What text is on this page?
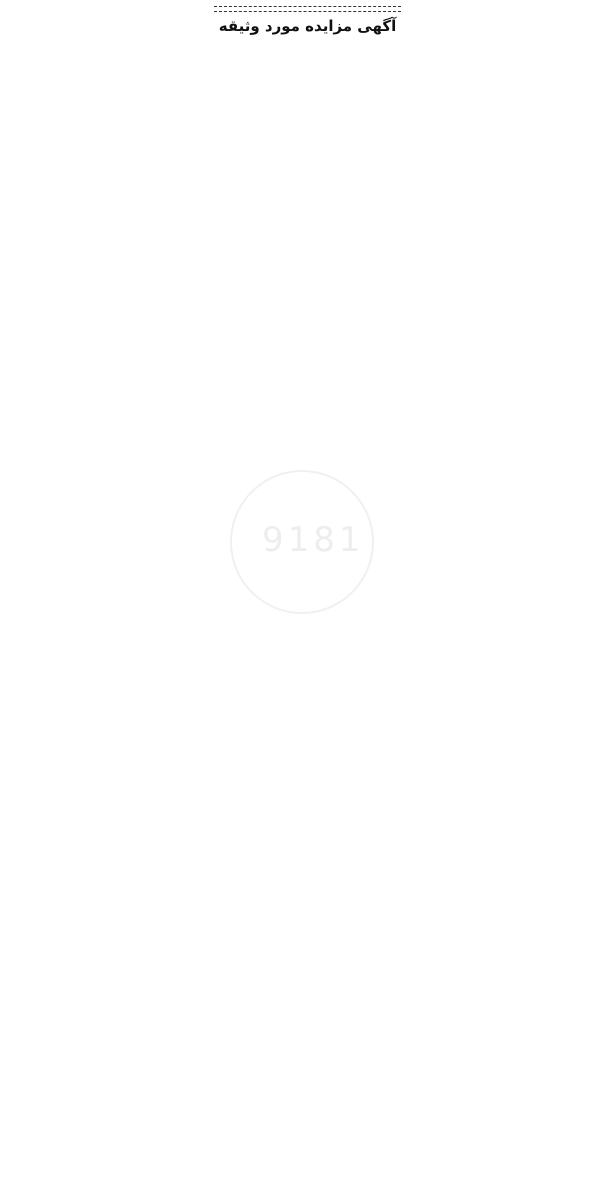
آگهی مزایده مورد وثیقه
9181
